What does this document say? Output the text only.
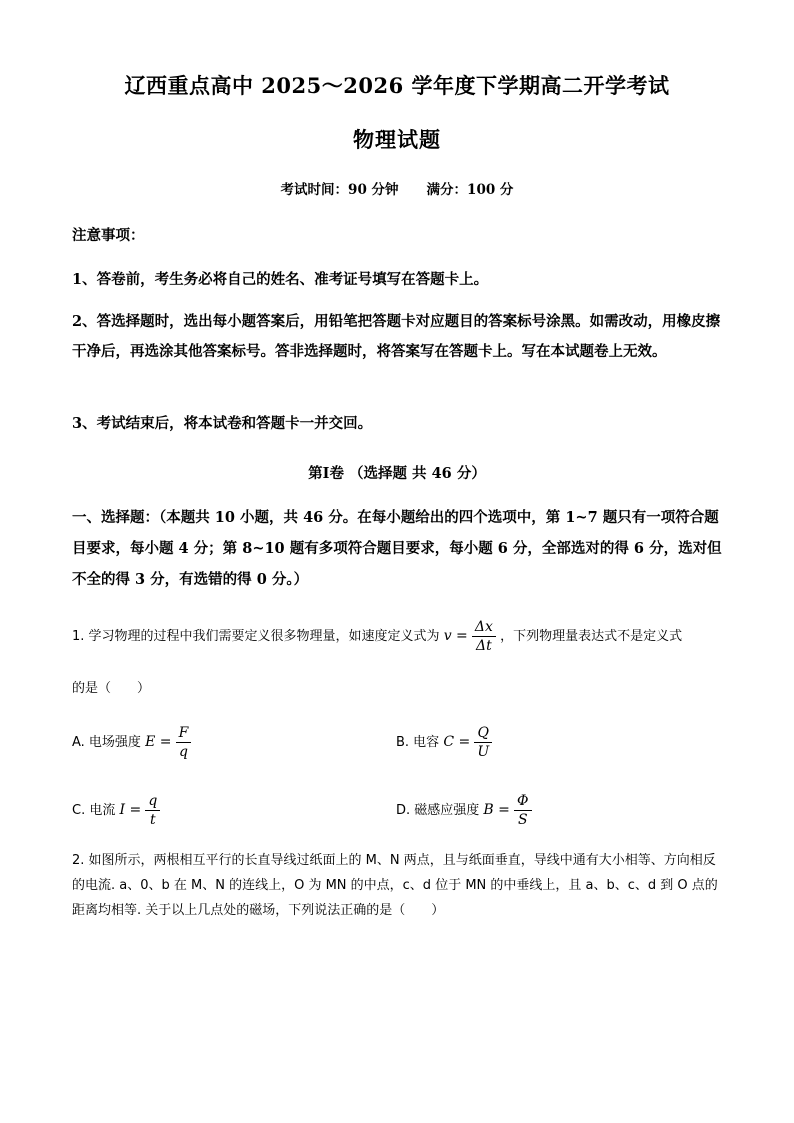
辽西重点高中 2025～2026 学年度下学期高二开学考试
物理试题
考试时间：90 分钟 满分：100 分
注意事项：
1、答卷前，考生务必将自己的姓名、准考证号填写在答题卡上。
2、答选择题时，选出每小题答案后，用铅笔把答题卡对应题目的答案标号涂黑。如需改动，用橡皮擦干净后，再选涂其他答案标号。答非选择题时，将答案写在答题卡上。写在本试题卷上无效。
3、考试结束后，将本试卷和答题卡一并交回。
第Ⅰ卷 （选择题 共 46 分）
一、选择题：（本题共 10 小题，共 46 分。在每小题给出的四个选项中，第 1~7 题只有一项符合题目要求，每小题 4 分；第 8~10 题有多项符合题目要求，每小题 6 分，全部选对的得 6 分，选对但不全的得 3 分，有选错的得 0 分。）
1. 学习物理的过程中我们需要定义很多物理量，如速度定义式为 $v = \frac{\Delta x}{\Delta t}$ ，下列物理量表达式不是定义式
的是（　　）
A. 电场强度 $E = \frac{F}{q}$	B. 电容 $C = \frac{Q}{U}$
C. 电流 $I = \frac{q}{t}$	D. 磁感应强度 $B = \frac{\Phi}{S}$
2. 如图所示，两根相互平行的长直导线过纸面上的 M、N 两点，且与纸面垂直，导线中通有大小相等、方向相反的电流. a、0、b 在 M、N 的连线上，O 为 MN 的中点，c、d 位于 MN 的中垂线上，且 a、b、c、d 到 O 点的距离均相等. 关于以上几点处的磁场，下列说法正确的是（　　）
